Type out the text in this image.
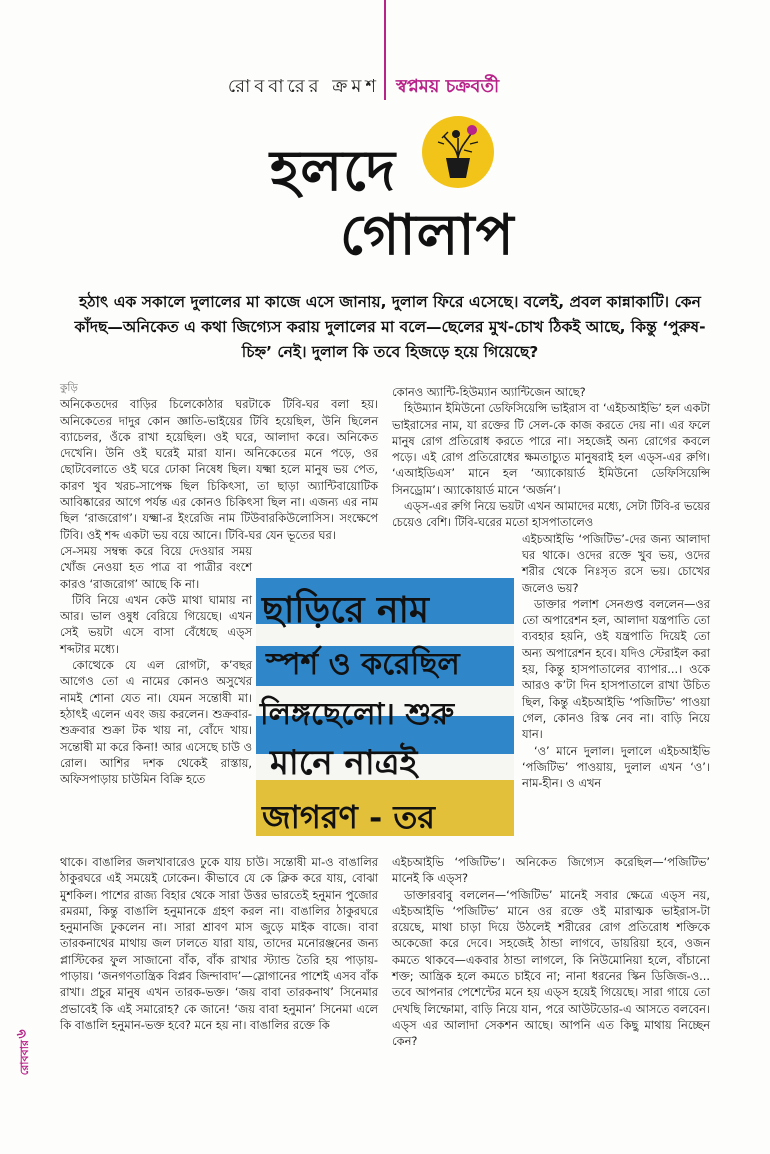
রোববারের ক্রমশ স্বপ্নময় চক্রবর্তী
হলদে
গোলাপ
হঠাৎ এক সকালে দুলালের মা কাজে এসে জানায়, দুলাল ফিরে এসেছে। বলেই, প্রবল কান্নাকাটি। কেন কাঁদছ—অনিকেত এ কথা জিগ্যেস করায় দুলালের মা বলে—ছেলের মুখ-চোখ ঠিকই আছে, কিন্তু ‘পুরুষ-চিহ্ন’ নেই। দুলাল কি তবে হিজড়ে হয়ে গিয়েছে?

কুড়ি

অনিকেতদের বাড়ির চিলেকোঠার ঘরটাকে টিবি-ঘর বলা হয়। অনিকেতের দাদুর কোন জ্ঞাতি-ভাইয়ের টিবি হয়েছিল, উনি ছিলেন ব্যাচেলর, ওঁকে রাখা হয়েছিল। ওই ঘরে, আলাদা করে। অনিকেত দেখেনি। উনি ওই ঘরেই মারা যান। অনিকেতের মনে পড়ে, ওর ছোটবেলাতে ওই ঘরে ঢোকা নিষেধ ছিল। যক্ষ্মা হলে মানুষ ভয় পেত, কারণ খুব খরচ-সাপেক্ষ ছিল চিকিৎসা, তা ছাড়া অ্যান্টিবায়োটিক আবিষ্কারের আগে পর্যন্ত এর কোনও চিকিৎসা ছিল না। এজন্য এর নাম ছিল ‘রাজরোগ’। যক্ষ্মা-র ইংরেজি নাম টিউবারকিউলোসিস। সংক্ষেপে টিবি। ওই শব্দ একটা ভয় বয়ে আনে। টিবি-ঘর যেন ভূতের ঘর।

সে-সময় সম্বন্ধ করে বিয়ে দেওয়ার সময় খোঁজ নেওয়া হত পাত্র বা পাত্রীর বংশে কারও ‘রাজরোগ’ আছে কি না।

টিবি নিয়ে এখন কেউ মাথা ঘামায় না আর। ভাল ওষুধ বেরিয়ে গিয়েছে। এখন সেই ভয়টা এসে বাসা বেঁধেছে এড্‌স শব্দটার মধ্যে।

কোত্থেকে যে এল রোগটা, ক’বছর আগেও তো এ নামের কোনও অসুখের নামই শোনা যেত না। যেমন সন্তোষী মা। হঠাৎই এলেন এবং জয় করলেন। শুক্রবার-শুক্রবার শুক্রা টক খায় না, বোঁদে খায়। সন্তোষী মা করে কিনা! আর এসেছে চাউ ও রোল। আশির দশক থেকেই রাস্তায়, অফিসপাড়ায় চাউমিন বিক্রি হতে

কোনও অ্যান্টি-হিউম্যান অ্যান্টিজেন আছে?

হিউম্যান ইমিউনো ডেফিসিয়েন্সি ভাইরাস বা ‘এইচআইভি’ হল একটা ভাইরাসের নাম, যা রক্তের টি সেল-কে কাজ করতে দেয় না। এর ফলে মানুষ রোগ প্রতিরোধ করতে পারে না। সহজেই অন্য রোগের কবলে পড়ে। এই রোগ প্রতিরোধের ক্ষমতাচ্যুত মানুষরাই হল এড্‌স-এর রুগি। ‘এআইডিএস’ মানে হল ‘অ্যাকোয়ার্ড ইমিউনো ডেফিসিয়েন্সি সিনড্রোম’। অ্যাকোয়ার্ড মানে ‘অর্জন’।

এড্‌স-এর রুগি নিয়ে ভয়টা এখন আমাদের মধ্যে, সেটা টিবি-র ভয়ের চেয়েও বেশি। টিবি-ঘরের মতো হাসপাতালেও

এইচআইভি ‘পজিটিভ’-দের জন্য আলাদা ঘর থাকে। ওদের রক্তে খুব ভয়, ওদের শরীর থেকে নিঃসৃত রসে ভয়। চোখের জলেও ভয়?

ডাক্তার পলাশ সেনগুপ্ত বললেন—ওর তো অপারেশন হল, আলাদা যন্ত্রপাতি তো ব্যবহার হয়নি, ওই যন্ত্রপাতি দিয়েই তো অন্য অপারেশন হবে। যদিও স্টেরাইল করা হয়, কিন্তু হাসপাতালের ব্যাপার...। ওকে আরও ক’টা দিন হাসপাতালে রাখা উচিত ছিল, কিন্তু এইচআইভি ‘পজিটিভ’ পাওয়া গেল, কোনও রিস্ক নেব না। বাড়ি নিয়ে যান।

‘ও’ মানে দুলাল। দুলালে এইচআইভি ‘পজিটিভ’ পাওয়ায়, দুলাল এখন ‘ও’। নাম-হীন। ও এখন

ছাড়িরে নাম
স্পর্শ ও করেছিল
লিঙ্গছেলো। শুরু
মানে নাত্রই
জাগরণ - তর

থাকে। বাঙালির জলখাবারেও ঢুকে যায় চাউ। সন্তোষী মা-ও বাঙালির ঠাকুরঘরে এই সময়েই ঢোকেন। কীভাবে যে কে ক্লিক করে যায়, বোঝা মুশকিল। পাশের রাজ্য বিহার থেকে সারা উত্তর ভারতেই হনুমান পুজোর রমরমা, কিন্তু বাঙালি হনুমানকে গ্রহণ করল না। বাঙালির ঠাকুরঘরে হনুমানজি ঢুকলেন না। সারা শ্রাবণ মাস জুড়ে মাইক বাজে। বাবা তারকনাথের মাথায় জল ঢালতে যারা যায়, তাদের মনোরঞ্জনের জন্য প্লাস্টিকের ফুল সাজানো বাঁক, বাঁক রাখার স্ট্যান্ড তৈরি হয় পাড়ায়-পাড়ায়। ‘জনগণতান্ত্রিক বিপ্লব জিন্দাবাদ’—স্লোগানের পাশেই এসব বাঁক রাখা। প্রচুর মানুষ এখন তারক-ভক্ত। ‘জয় বাবা তারকনাথ’ সিনেমার প্রভাবেই কি এই সমারোহ? কে জানে! ‘জয় বাবা হনুমান’ সিনেমা এলে কি বাঙালি হনুমান-ভক্ত হবে? মনে হয় না। বাঙালির রক্তে কি

এইচআইভি ‘পজিটিভ’। অনিকেত জিগ্যেস করেছিল—‘পজিটিভ’ মানেই কি এড্‌স?

ডাক্তারবাবু বললেন—‘পজিটিভ’ মানেই সবার ক্ষেত্রে এড্‌স নয়, এইচআইভি ‘পজিটিভ’ মানে ওর রক্তে ওই মারাত্মক ভাইরাস-টা রয়েছে, মাথা চাড়া দিয়ে উঠলেই শরীরের রোগ প্রতিরোধ শক্তিকে অকেজো করে দেবে। সহজেই ঠান্ডা লাগবে, ডায়রিয়া হবে, ওজন কমতে থাকবে—একবার ঠান্ডা লাগলে, কি নিউমোনিয়া হলে, বাঁচানো শক্ত; আন্ত্রিক হলে কমতে চাইবে না; নানা ধরনের স্কিন ডিজিজ-ও... তবে আপনার পেশেন্টের মনে হয় এড্‌স হয়েই গিয়েছে। সারা গায়ে তো দেখছি লিম্ফোমা, বাড়ি নিয়ে যান, পরে আউটডোর-এ আসতে বলবেন। এড্‌স এর আলাদা সেকশন আছে। আপনি এত কিছু মাথায় নিচ্ছেন কেন?

৬
রোববার
